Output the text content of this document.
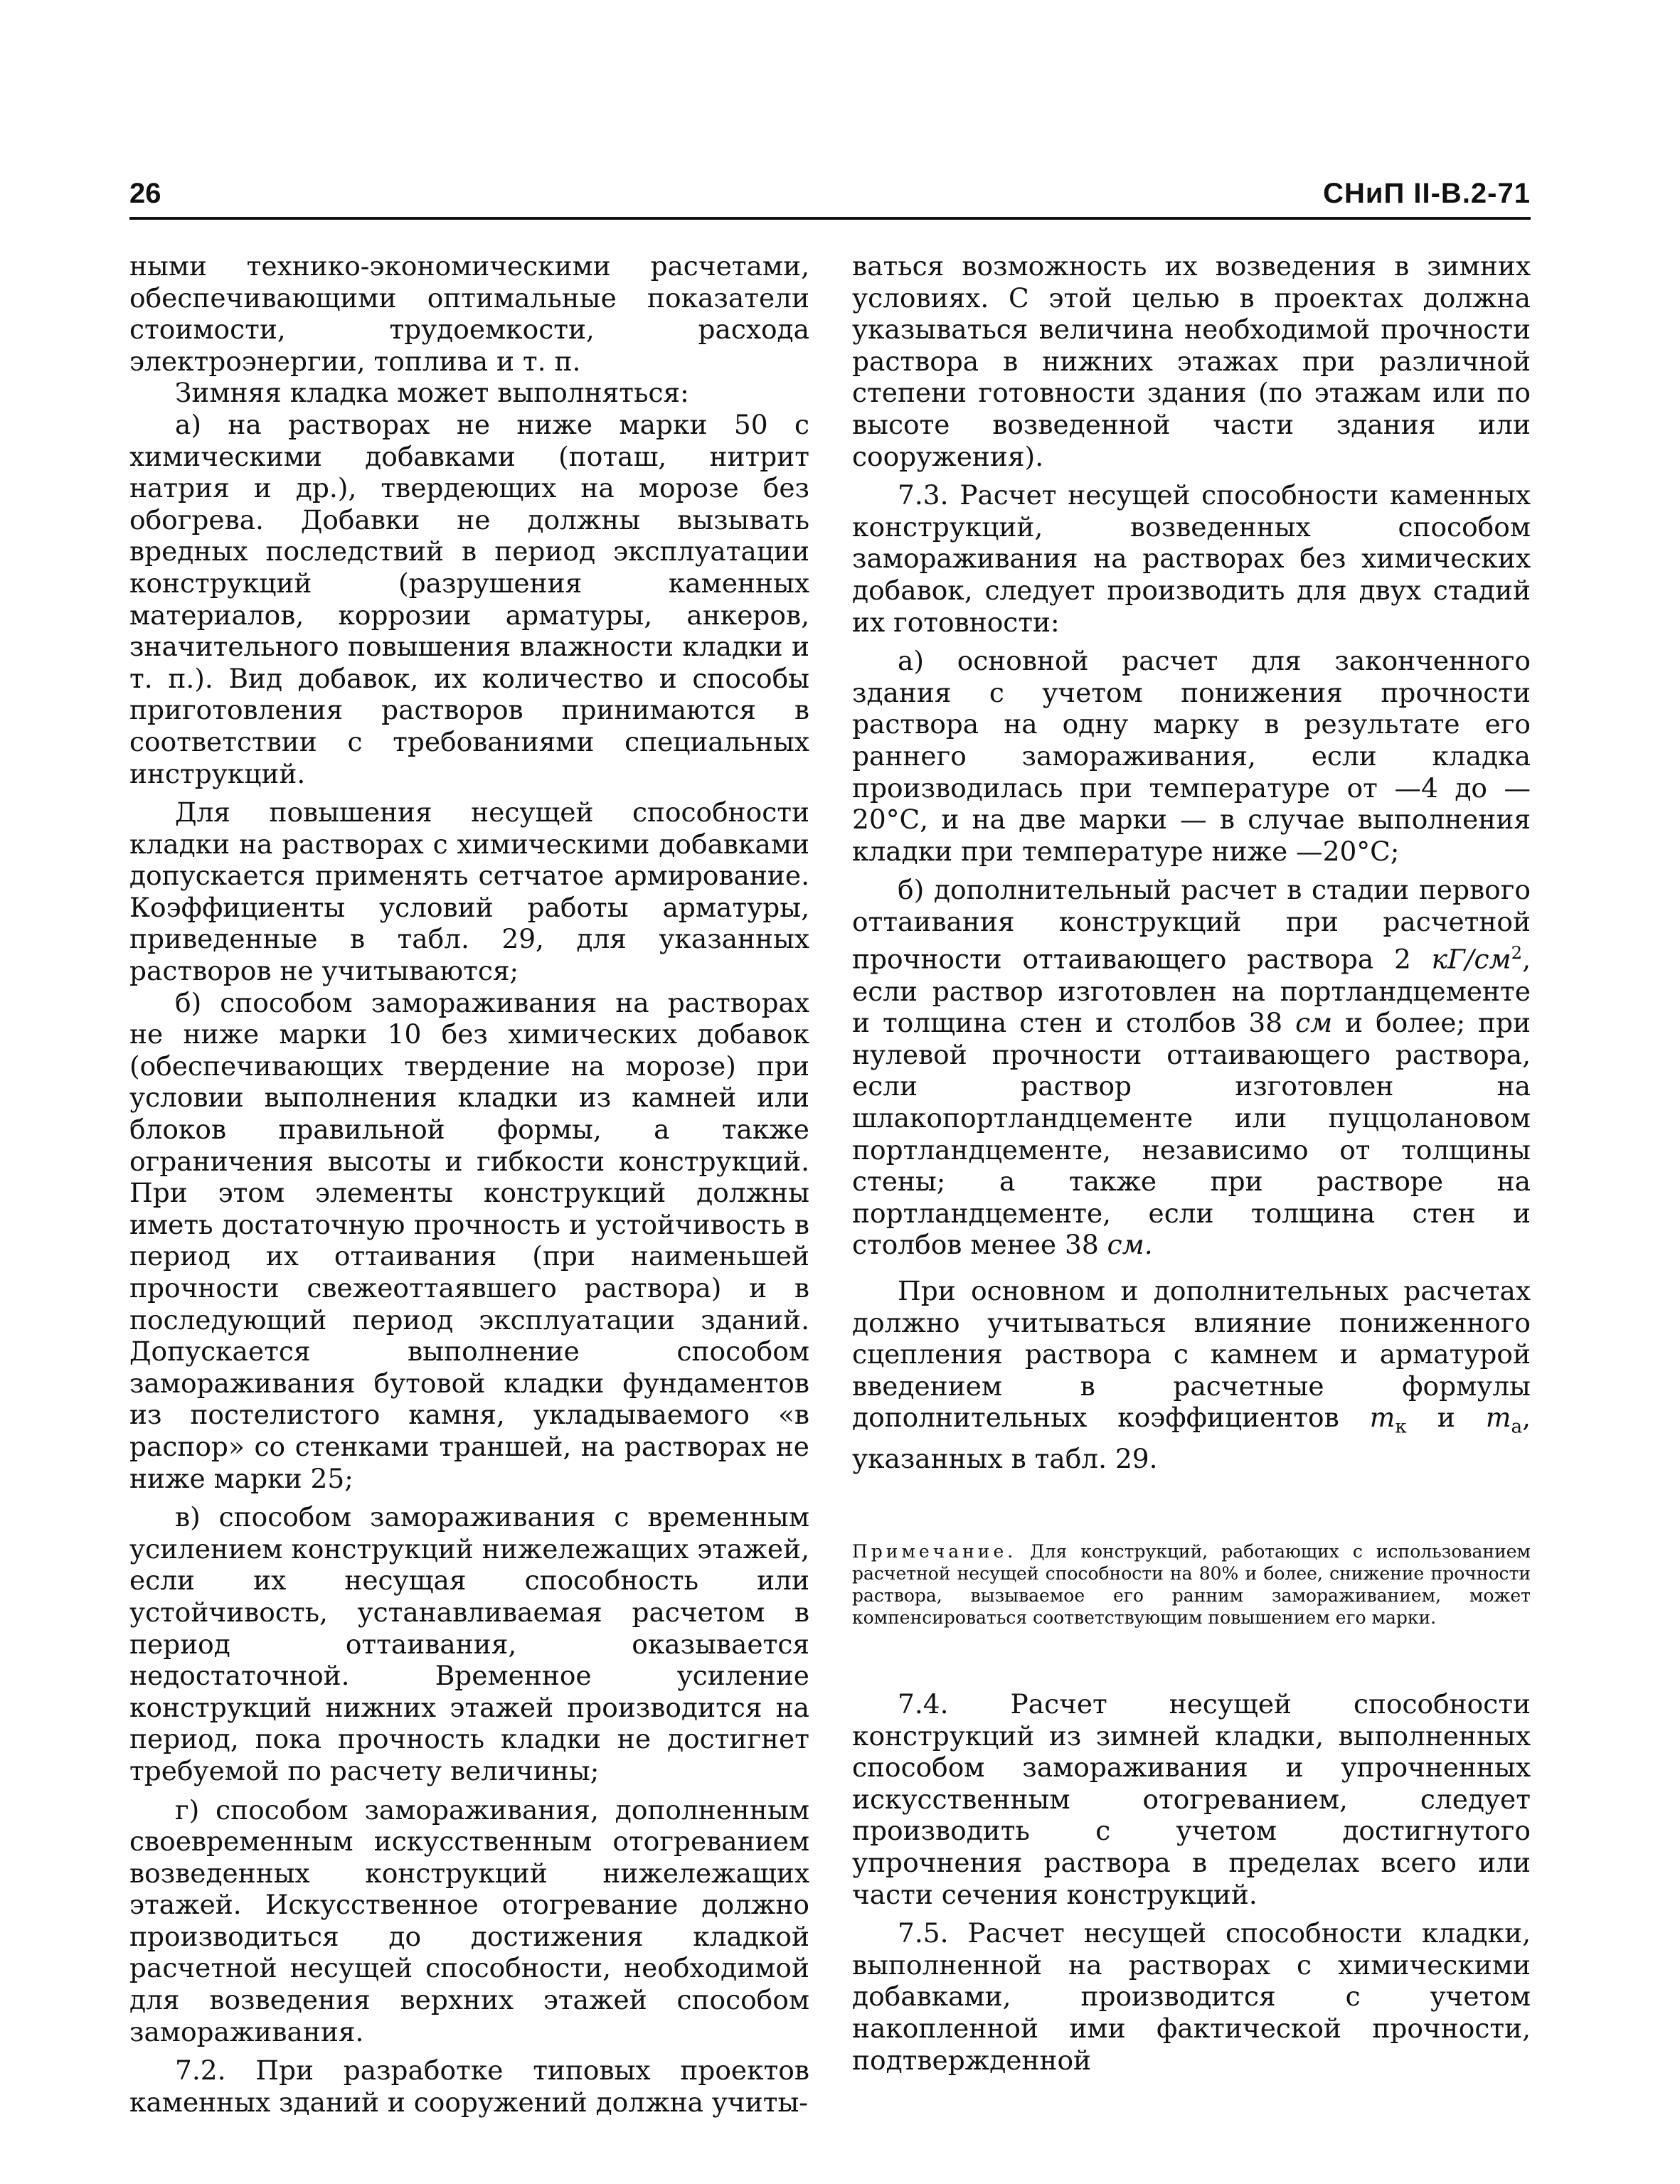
26	СНиП II-В.2-71

ными технико-экономическими расчетами, обеспечивающими оптимальные показатели стоимости, трудоемкости, расхода электроэнергии, топлива и т. п.

Зимняя кладка может выполняться:

а) на растворах не ниже марки 50 с химическими добавками (поташ, нитрит натрия и др.), твердеющих на морозе без обогрева. Добавки не должны вызывать вредных последствий в период эксплуатации конструкций (разрушения каменных материалов, коррозии арматуры, анкеров, значительного повышения влажности кладки и т. п.). Вид добавок, их количество и способы приготовления растворов принимаются в соответствии с требованиями специальных инструкций.

Для повышения несущей способности кладки на растворах с химическими добавками допускается применять сетчатое армирование. Коэффициенты условий работы арматуры, приведенные в табл. 29, для указанных растворов не учитываются;

б) способом замораживания на растворах не ниже марки 10 без химических добавок (обеспечивающих твердение на морозе) при условии выполнения кладки из камней или блоков правильной формы, а также ограничения высоты и гибкости конструкций. При этом элементы конструкций должны иметь достаточную прочность и устойчивость в период их оттаивания (при наименьшей прочности свежеоттаявшего раствора) и в последующий период эксплуатации зданий. Допускается выполнение способом замораживания бутовой кладки фундаментов из постелистого камня, укладываемого «в распор» со стенками траншей, на растворах не ниже марки 25;

в) способом замораживания с временным усилением конструкций нижележащих этажей, если их несущая способность или устойчивость, устанавливаемая расчетом в период оттаивания, оказывается недостаточной. Временное усиление конструкций нижних этажей производится на период, пока прочность кладки не достигнет требуемой по расчету величины;

г) способом замораживания, дополненным своевременным искусственным отогреванием возведенных конструкций нижележащих этажей. Искусственное отогревание должно производиться до достижения кладкой расчетной несущей способности, необходимой для возведения верхних этажей способом замораживания.

7.2. При разработке типовых проектов каменных зданий и сооружений должна учиты-

ваться возможность их возведения в зимних условиях. С этой целью в проектах должна указываться величина необходимой прочности раствора в нижних этажах при различной степени готовности здания (по этажам или по высоте возведенной части здания или сооружения).

7.3. Расчет несущей способности каменных конструкций, возведенных способом замораживания на растворах без химических добавок, следует производить для двух стадий их готовности:

а) основной расчет для законченного здания с учетом понижения прочности раствора на одну марку в результате его раннего замораживания, если кладка производилась при температуре от —4 до —20°С, и на две марки — в случае выполнения кладки при температуре ниже —20°С;

б) дополнительный расчет в стадии первого оттаивания конструкций при расчетной прочности оттаивающего раствора 2 $кГ/см^2$, если раствор изготовлен на портландцементе и толщина стен и столбов 38 см и более; при нулевой прочности оттаивающего раствора, если раствор изготовлен на шлакопортландцементе или пуццолановом портландцементе, независимо от толщины стены; а также при растворе на портландцементе, если толщина стен и столбов менее 38 см.

При основном и дополнительных расчетах должно учитываться влияние пониженного сцепления раствора с камнем и арматурой введением в расчетные формулы дополнительных коэффициентов $m_к$ и $m_а$, указанных в табл. 29.

Примечание. Для конструкций, работающих с использованием расчетной несущей способности на 80% и более, снижение прочности раствора, вызываемое его ранним замораживанием, может компенсироваться соответствующим повышением его марки.

7.4. Расчет несущей способности конструкций из зимней кладки, выполненных способом замораживания и упрочненных искусственным отогреванием, следует производить с учетом достигнутого упрочнения раствора в пределах всего или части сечения конструкций.

7.5. Расчет несущей способности кладки, выполненной на растворах с химическими добавками, производится с учетом накопленной ими фактической прочности, подтвержденной
